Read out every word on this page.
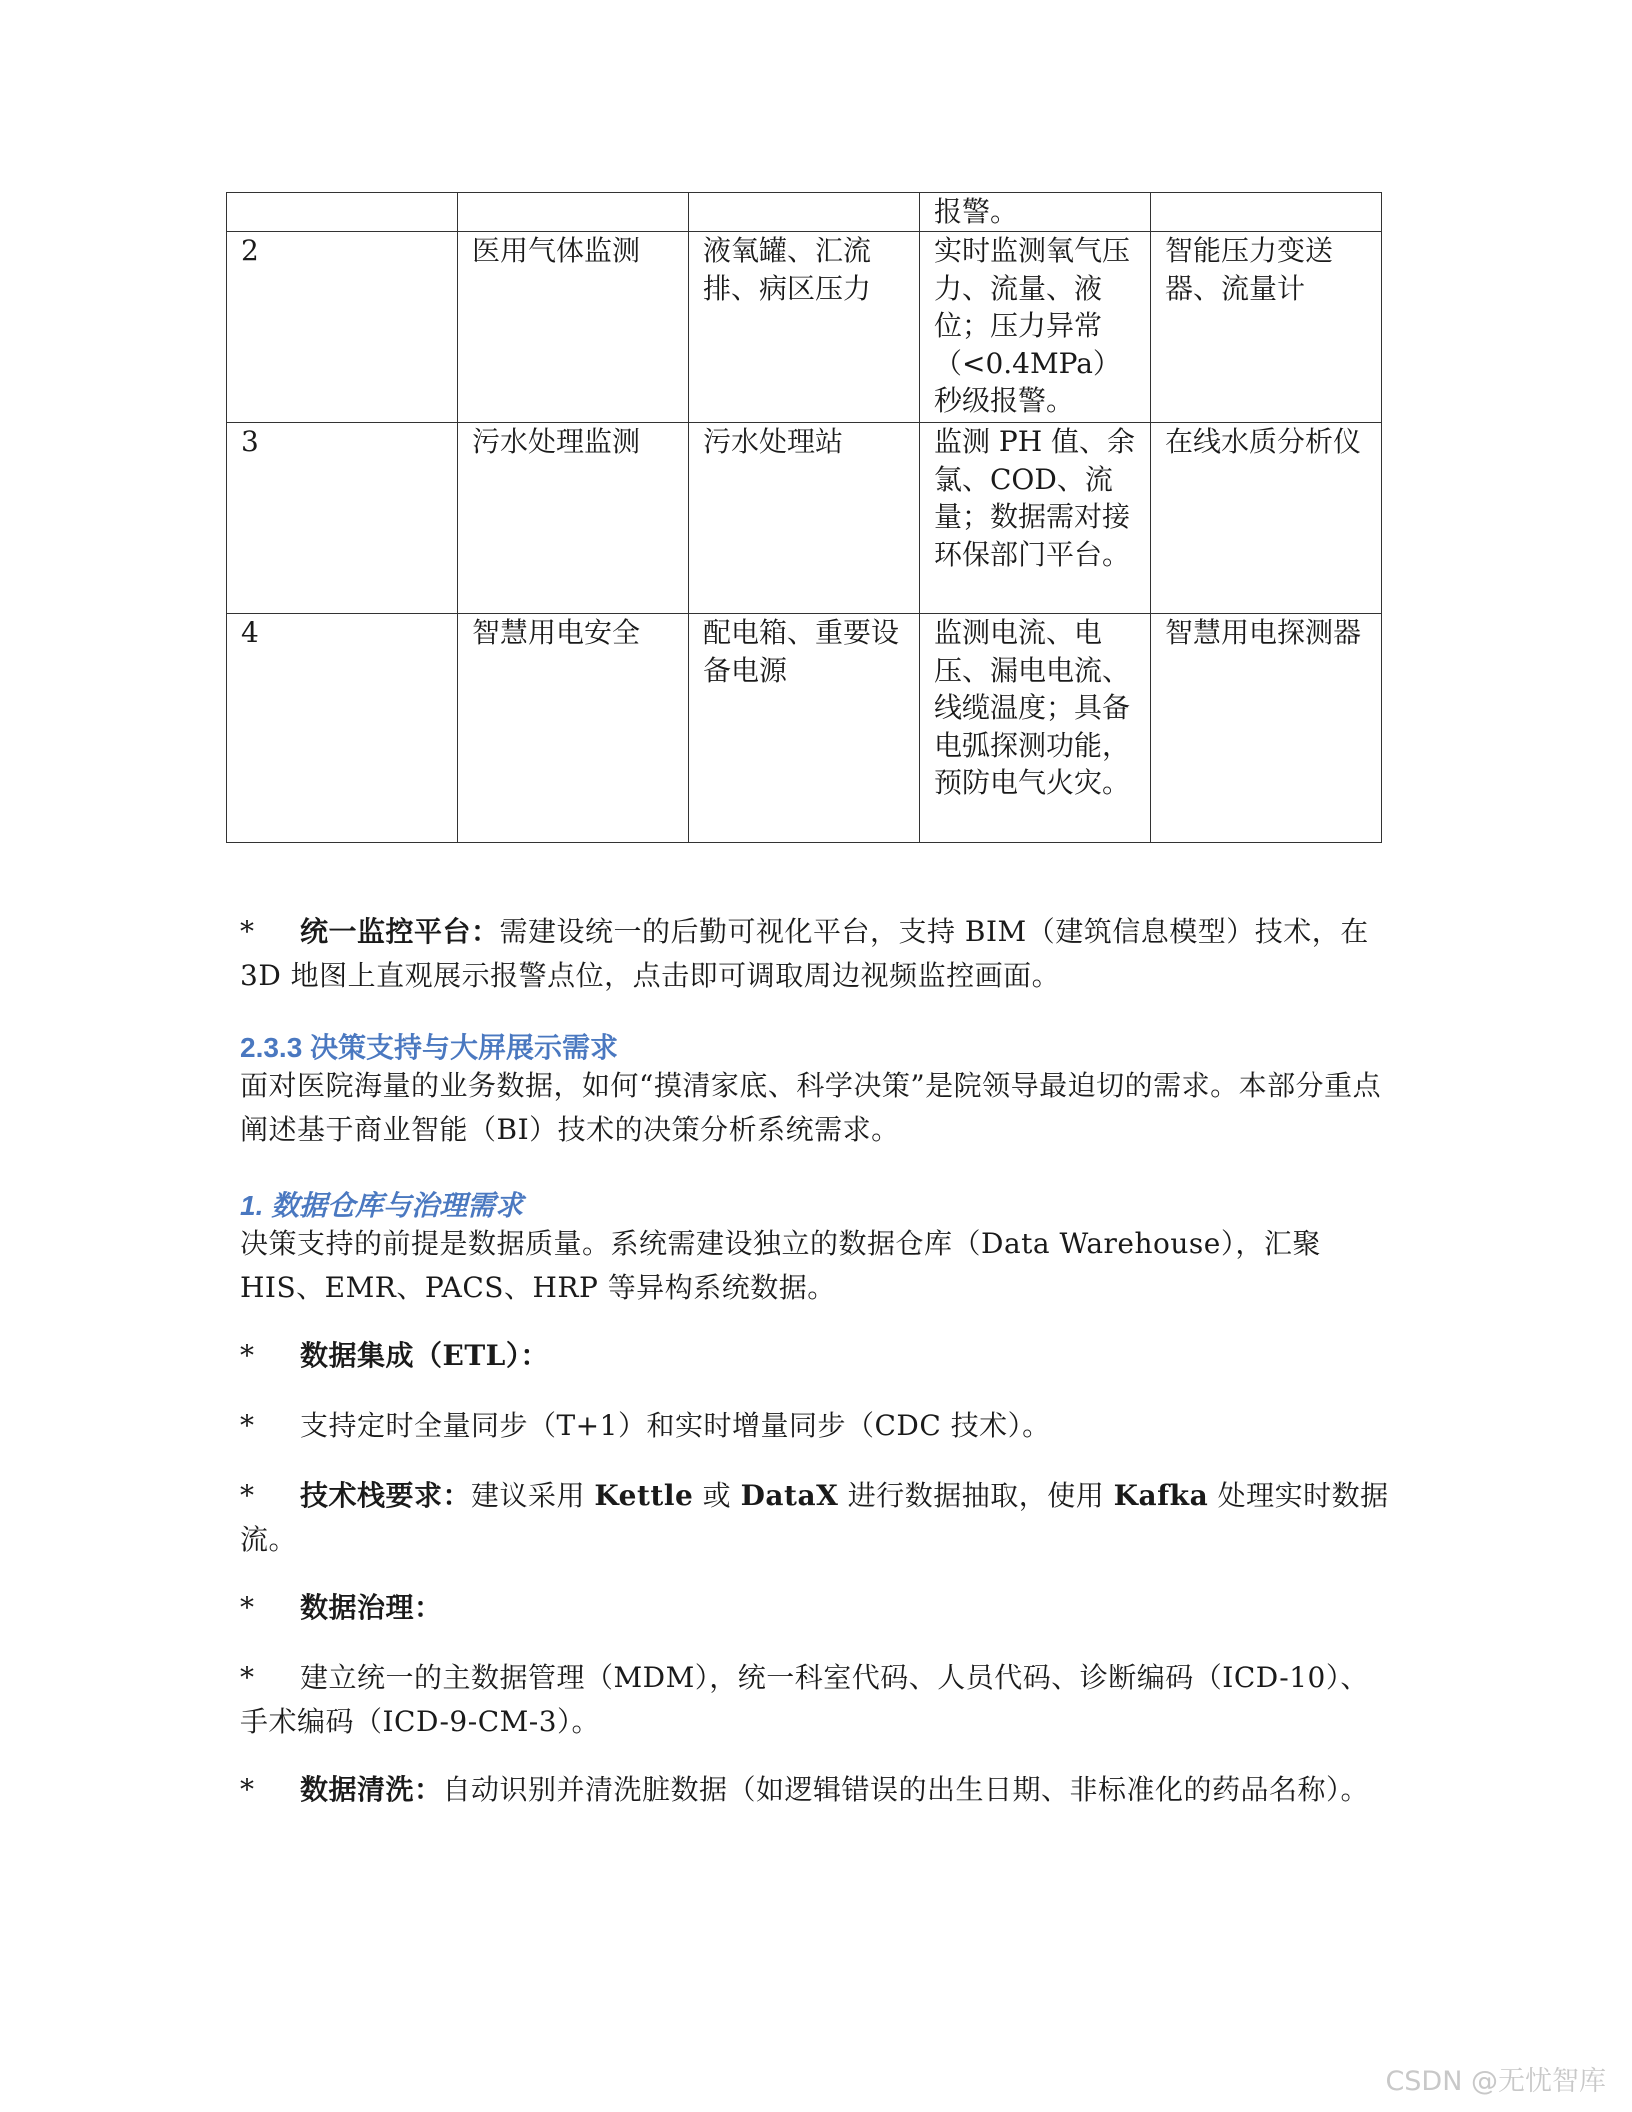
			报警。	
2	医用气体监测	液氧罐、汇流排、病区压力	实时监测氧气压力、流量、液位；压力异常（<0.4MPa）秒级报警。	智能压力变送器、流量计
3	污水处理监测	污水处理站	监测 PH 值、余氯、COD、流量；数据需对接环保部门平台。	在线水质分析仪
4	智慧用电安全	配电箱、重要设备电源	监测电流、电压、漏电电流、线缆温度；具备电弧探测功能，预防电气火灾。	智慧用电探测器
* 统一监控平台：需建设统一的后勤可视化平台，支持 BIM（建筑信息模型）技术，在 3D 地图上直观展示报警点位，点击即可调取周边视频监控画面。
2.3.3 决策支持与大屏展示需求
面对医院海量的业务数据，如何“摸清家底、科学决策”是院领导最迫切的需求。本部分重点阐述基于商业智能（BI）技术的决策分析系统需求。
1. 数据仓库与治理需求
决策支持的前提是数据质量。系统需建设独立的数据仓库（Data Warehouse），汇聚 HIS、EMR、PACS、HRP 等异构系统数据。
* 数据集成（ETL）：
* 支持定时全量同步（T+1）和实时增量同步（CDC 技术）。
* 技术栈要求：建议采用 Kettle 或 DataX 进行数据抽取，使用 Kafka 处理实时数据流。
* 数据治理：
* 建立统一的主数据管理（MDM），统一科室代码、人员代码、诊断编码（ICD-10）、手术编码（ICD-9-CM-3）。
* 数据清洗：自动识别并清洗脏数据（如逻辑错误的出生日期、非标准化的药品名称）。
CSDN @无忧智库
